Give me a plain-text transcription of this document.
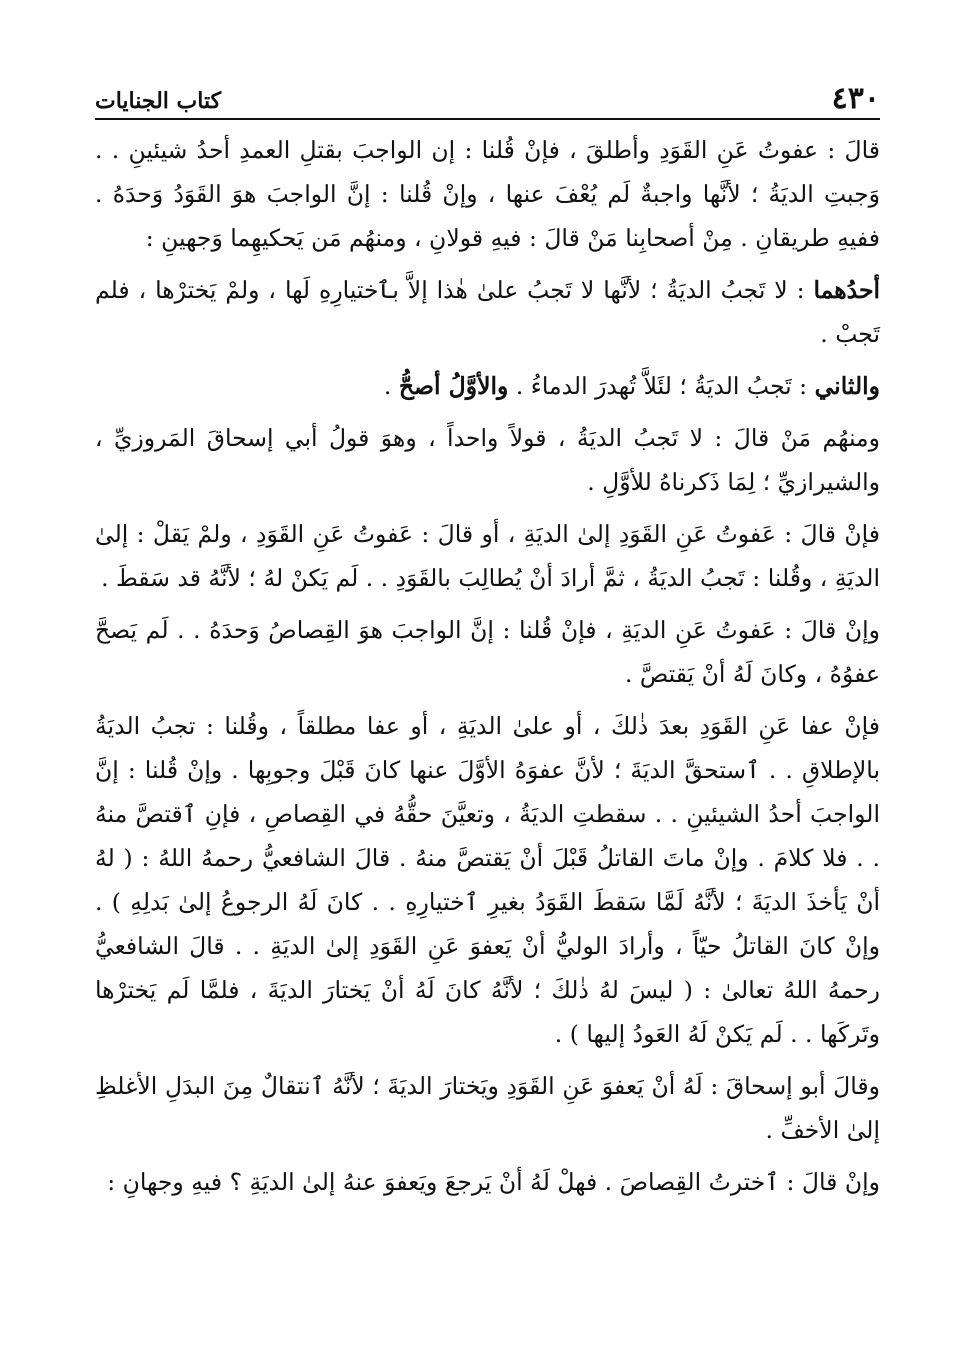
٤٣٠
كتاب الجنايات

قالَ : عفوتُ عَنِ القَوَدِ وأطلقَ ، فإنْ قُلنا : إن الواجبَ بقتلِ العمدِ أحدُ شيئينِ . . وَجبتِ الديَةُ ؛ لأنَّها واجبةٌ لَم يُعْفَ عنها ، وإنْ قُلنا : إنَّ الواجبَ هوَ القَوَدُ وَحدَهُ . ففيهِ طريقانِ . مِنْ أصحابِنا مَنْ قالَ : فيهِ قولانِ ، ومنهُم مَن يَحكيهِما وَجهينِ :

أحدُهما : لا تَجبُ الديَةُ ؛ لأنَّها لا تَجبُ علىٰ هٰذا إلاَّ بٱختيارِهِ لَها ، ولمْ يَخترْها ، فلم تَجبْ .

والثاني : تَجبُ الديَةُ ؛ لئَلاَّ تُهدرَ الدماءُ . والأوَّلُ أصحُّ .

ومنهُم مَنْ قالَ : لا تَجبُ الديَةُ ، قولاً واحداً ، وهوَ قولُ أبي إسحاقَ المَروزيِّ ، والشيرازيِّ ؛ لِمَا ذَكرناهُ للأوَّلِ .

فإنْ قالَ : عَفوتُ عَنِ القَوَدِ إلىٰ الديَةِ ، أو قالَ : عَفوتُ عَنِ القَوَدِ ، ولمْ يَقلْ : إلىٰ الديَةِ ، وقُلنا : تَجبُ الديَةُ ، ثمَّ أرادَ أنْ يُطالِبَ بالقَوَدِ . . لَم يَكنْ لهُ ؛ لأنَّهُ قد سَقطَ .

وإنْ قالَ : عَفوتُ عَنِ الديَةِ ، فإنْ قُلنا : إنَّ الواجبَ هوَ القِصاصُ وَحدَهُ . . لَم يَصحَّ عفوُهُ ، وكانَ لَهُ أنْ يَقتصَّ .

فإنْ عفا عَنِ القَوَدِ بعدَ ذٰلكَ ، أو علىٰ الديَةِ ، أو عفا مطلقاً ، وقُلنا : تجبُ الديَةُ بالإطلاقِ . . ٱستحقَّ الديَةَ ؛ لأنَّ عفوَهُ الأوَّلَ عنها كانَ قَبْلَ وجوبِها . وإنْ قُلنا : إنَّ الواجبَ أحدُ الشيئينِ . . سقطتِ الديَةُ ، وتعيَّنَ حقُّهُ في القِصاصِ ، فإنِ ٱقتصَّ منهُ . . فلا كلامَ . وإنْ ماتَ القاتلُ قَبْلَ أنْ يَقتصَّ منهُ . قالَ الشافعيُّ رحمهُ اللهُ : ( لهُ أنْ يَأخذَ الديَةَ ؛ لأنَّهُ لَمَّا سَقطَ القَوَدُ بغيرِ ٱختيارِهِ . . كانَ لَهُ الرجوعُ إلىٰ بَدلِهِ ) . وإنْ كانَ القاتلُ حيّاً ، وأرادَ الوليُّ أنْ يَعفوَ عَنِ القَوَدِ إلىٰ الديَةِ . . قالَ الشافعيُّ رحمهُ اللهُ تعالىٰ : ( ليسَ لهُ ذٰلكَ ؛ لأنَّهُ كانَ لَهُ أنْ يَختارَ الديَةَ ، فلمَّا لَم يَخترْها وتَركَها . . لَم يَكنْ لَهُ العَودُ إليها ) .

وقالَ أبو إسحاقَ : لَهُ أنْ يَعفوَ عَنِ القَوَدِ ويَختارَ الديَةَ ؛ لأنَّهُ ٱنتقالٌ مِنَ البدَلِ الأغلظِ إلىٰ الأخفِّ .

وإنْ قالَ : ٱخترتُ القِصاصَ . فهلْ لَهُ أنْ يَرجعَ ويَعفوَ عنهُ إلىٰ الديَةِ ؟ فيهِ وجهانِ :
